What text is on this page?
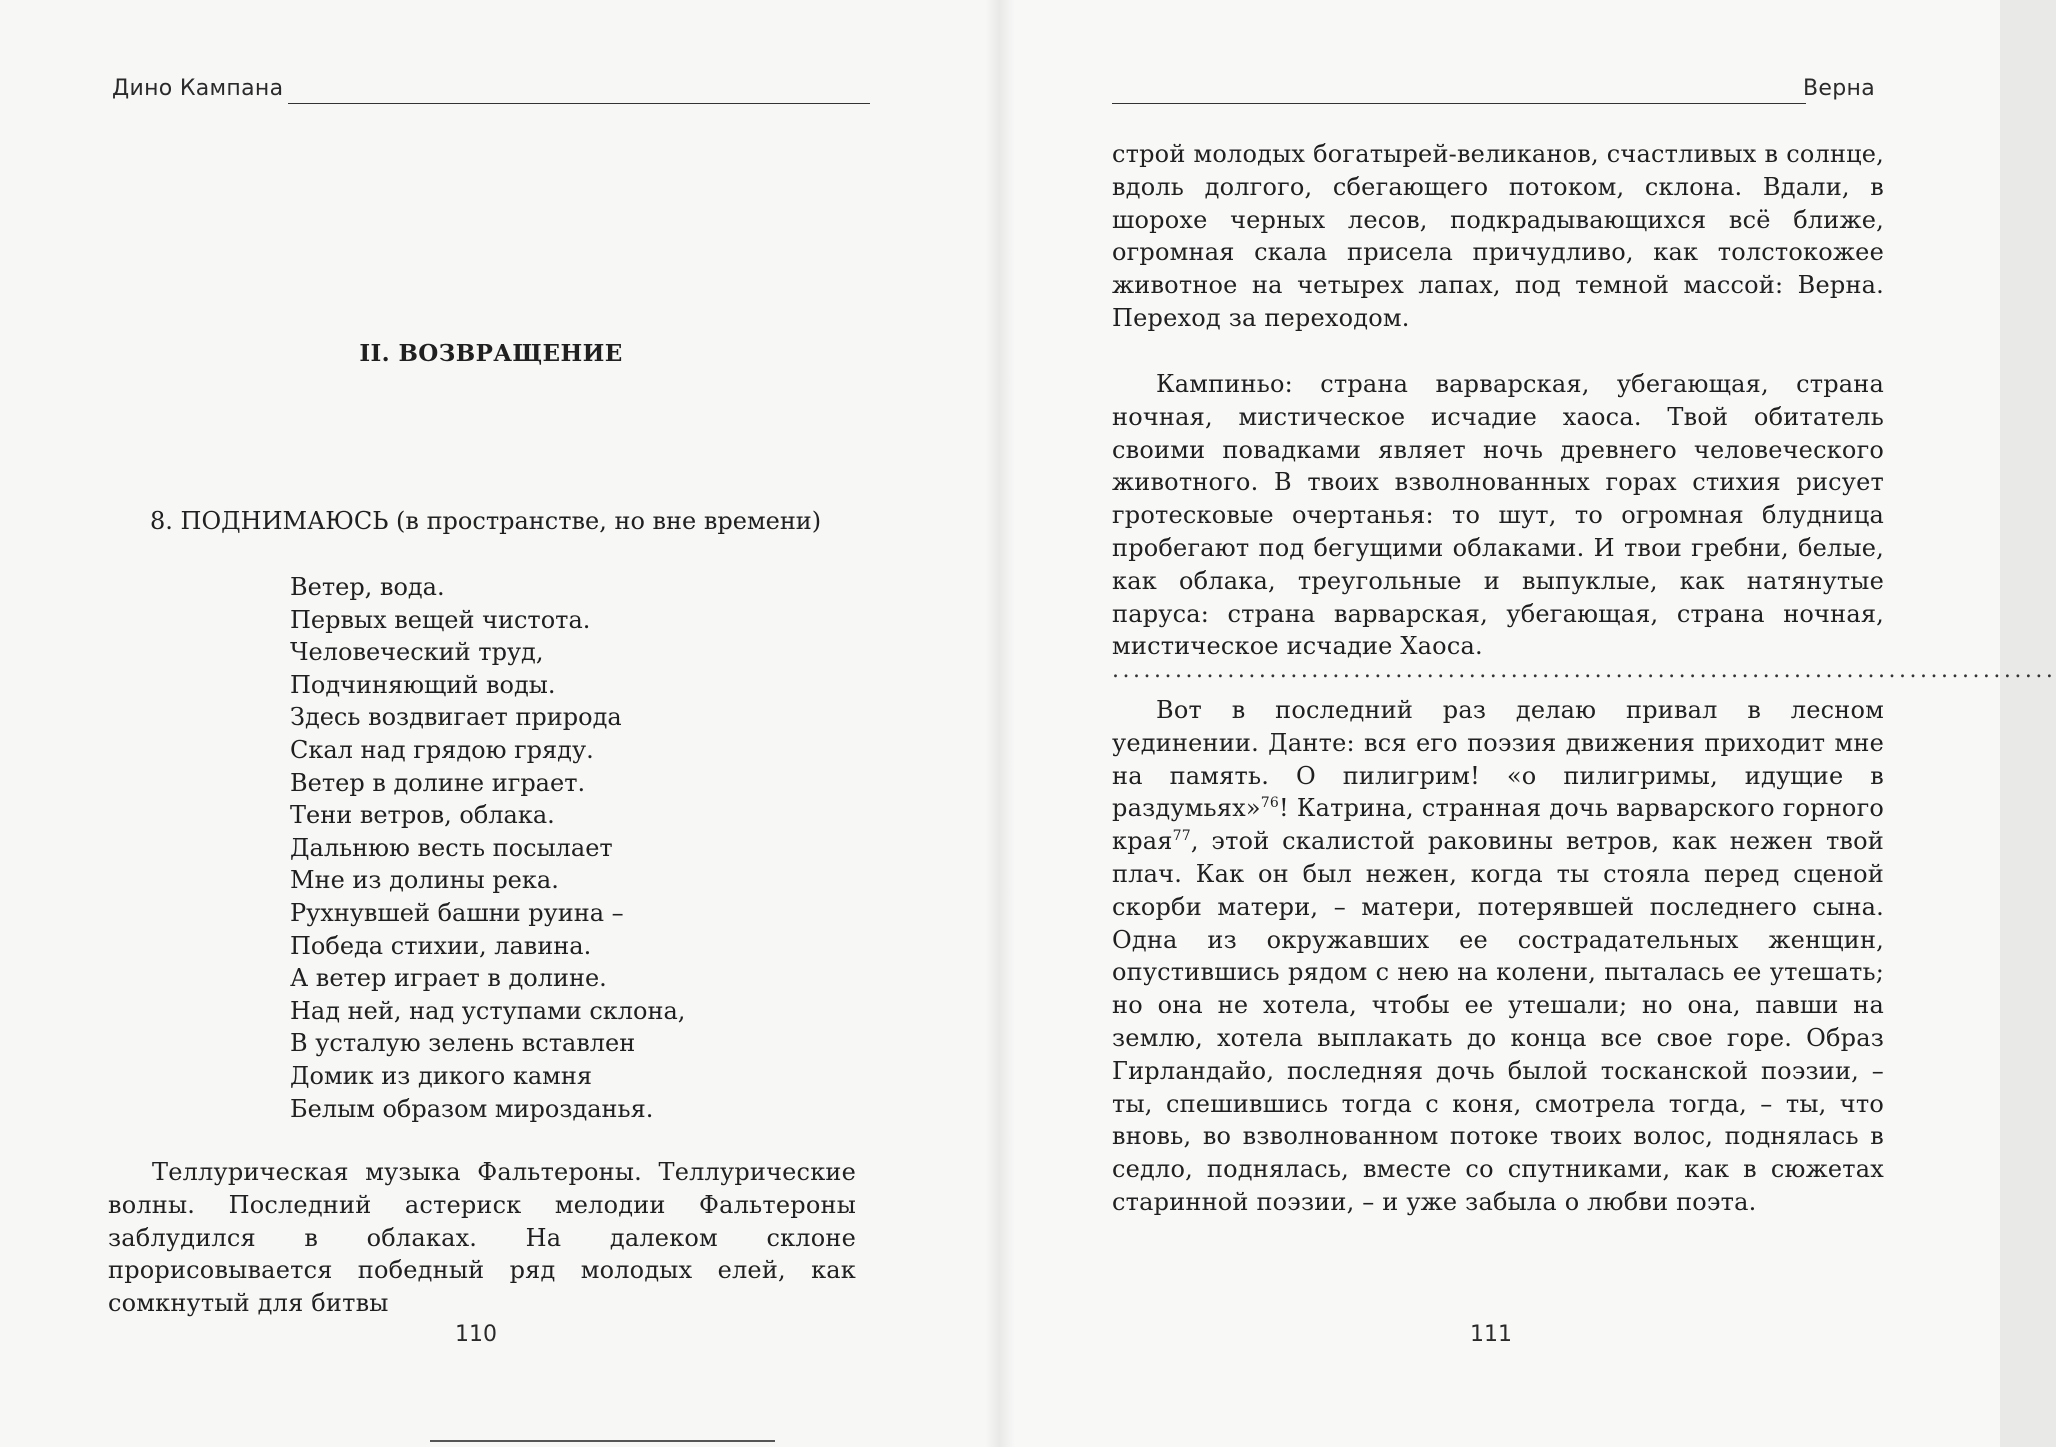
Дино Кампана
II. ВОЗВРАЩЕНИЕ
8. ПОДНИМАЮСЬ (в пространстве, но вне времени)
Ветер, вода.
Первых вещей чистота.
Человеческий труд,
Подчиняющий воды.
Здесь воздвигает природа
Скал над грядою гряду.
Ветер в долине играет.
Тени ветров, облака.
Дальнюю весть посылает
Мне из долины река.
Рухнувшей башни руина –
Победа стихии, лавина.
А ветер играет в долине.
Над ней, над уступами склона,
В усталую зелень вставлен
Домик из дикого камня
Белым образом мирозданья.

Теллурическая музыка Фальтероны. Теллурические волны. Последний астериск мелодии Фальтероны заблудился в облаках. На далеком склоне прорисовывается победный ряд молодых елей, как сомкнутый для битвы

110
Верна

строй молодых богатырей-великанов, счастливых в солнце, вдоль долгого, сбегающего потоком, склона. Вдали, в шорохе черных лесов, подкрадывающихся всё ближе, огромная скала присела причудливо, как толстокожее животное на четырех лапах, под темной массой: Верна. Переход за переходом.

Кампиньо: страна варварская, убегающая, страна ночная, мистическое исчадие хаоса. Твой обитатель своими повадками являет ночь древнего человеческого животного. В твоих взволнованных горах стихия рисует гротесковые очертанья: то шут, то огромная блудница пробегают под бегущими облаками. И твои гребни, белые, как облака, треугольные и выпуклые, как натянутые паруса: страна варварская, убегающая, страна ночная, мистическое исчадие Хаоса.

..........................................................................................

Вот в последний раз делаю привал в лесном уединении. Данте: вся его поэзия движения приходит мне на память. О пилигрим! «о пилигримы, идущие в раздумьях»$^{76}$! Катрина, странная дочь варварского горного края$^{77}$, этой скалистой раковины ветров, как нежен твой плач. Как он был нежен, когда ты стояла перед сценой скорби матери, – матери, потерявшей последнего сына. Одна из окружавших ее сострадательных женщин, опустившись рядом с нею на колени, пыталась ее утешать; но она не хотела, чтобы ее утешали; но она, павши на землю, хотела выплакать до конца все свое горе. Образ Гирландайо, последняя дочь былой тосканской поэзии, – ты, спешившись тогда с коня, смотрела тогда, – ты, что вновь, во взволнованном потоке твоих волос, поднялась в седло, поднялась, вместе со спутниками, как в сюжетах старинной поэзии, – и уже забыла о любви поэта.

111
